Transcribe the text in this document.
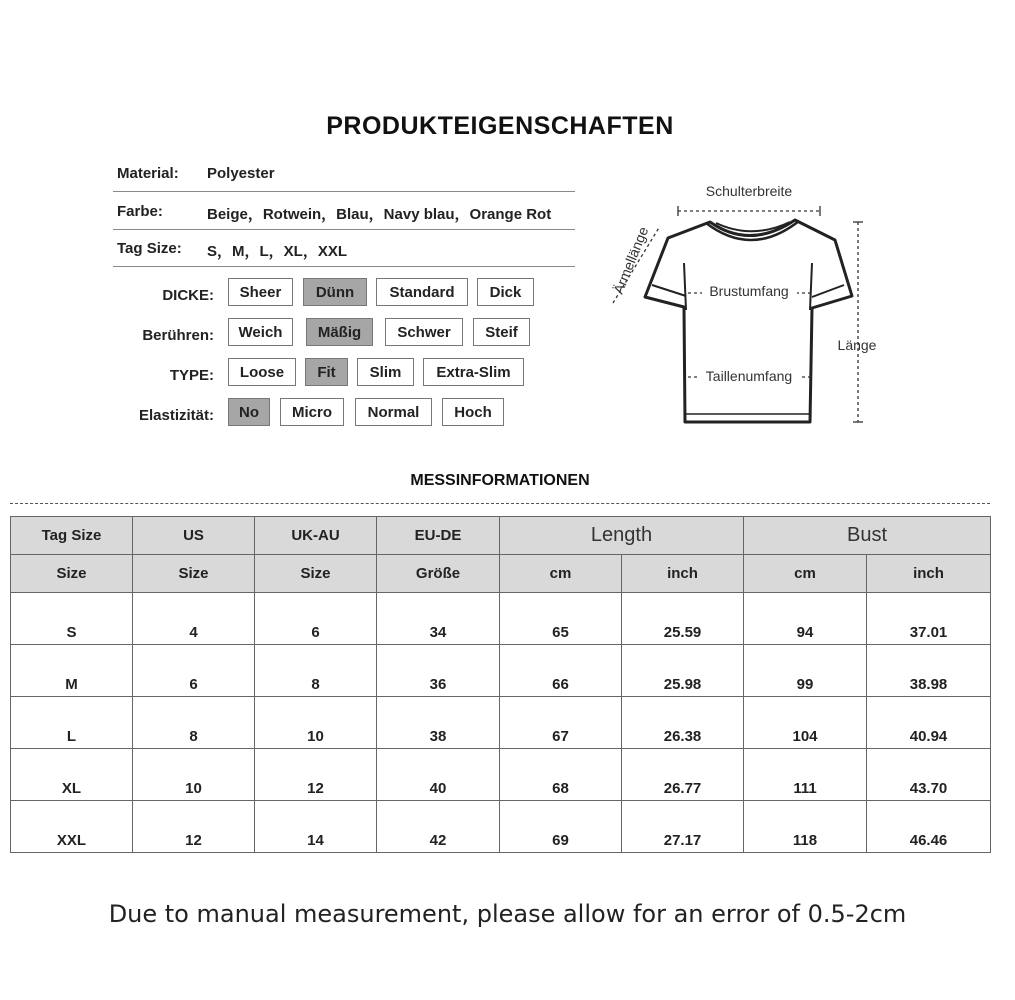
PRODUKTEIGENSCHAFTEN
Material: Polyester
Farbe:	Beige，Rotwein，Blau，Navy blau，Orange Rot
Tag Size: S，M，L，XL，XXL
DICKE:	Sheer	Dünn	Standard	Dick
Berühren:	Weich	Mäßig	Schwer	Steif
TYPE:	Loose	Fit	Slim	Extra-Slim
Elastizität:	No	Micro	Normal	Hoch
Schulterbreite
Ärmellänge	Brustumfang
Länge
Taillenumfang
MESSINFORMATIONEN
Tag Size	US	UK-AU	EU-DE	Length		Bust	
Size	Size	Size	Größe	cm	inch	cm	inch
S	4	6	34	65	25.59	94	37.01
M	6	8	36	66	25.98	99	38.98
L	8	10	38	67	26.38	104	40.94
XL	10	12	40	68	26.77	111	43.70
XXL	12	14	42	69	27.17	118	46.46
Due to manual measurement, please allow for an error of 0.5-2cm
